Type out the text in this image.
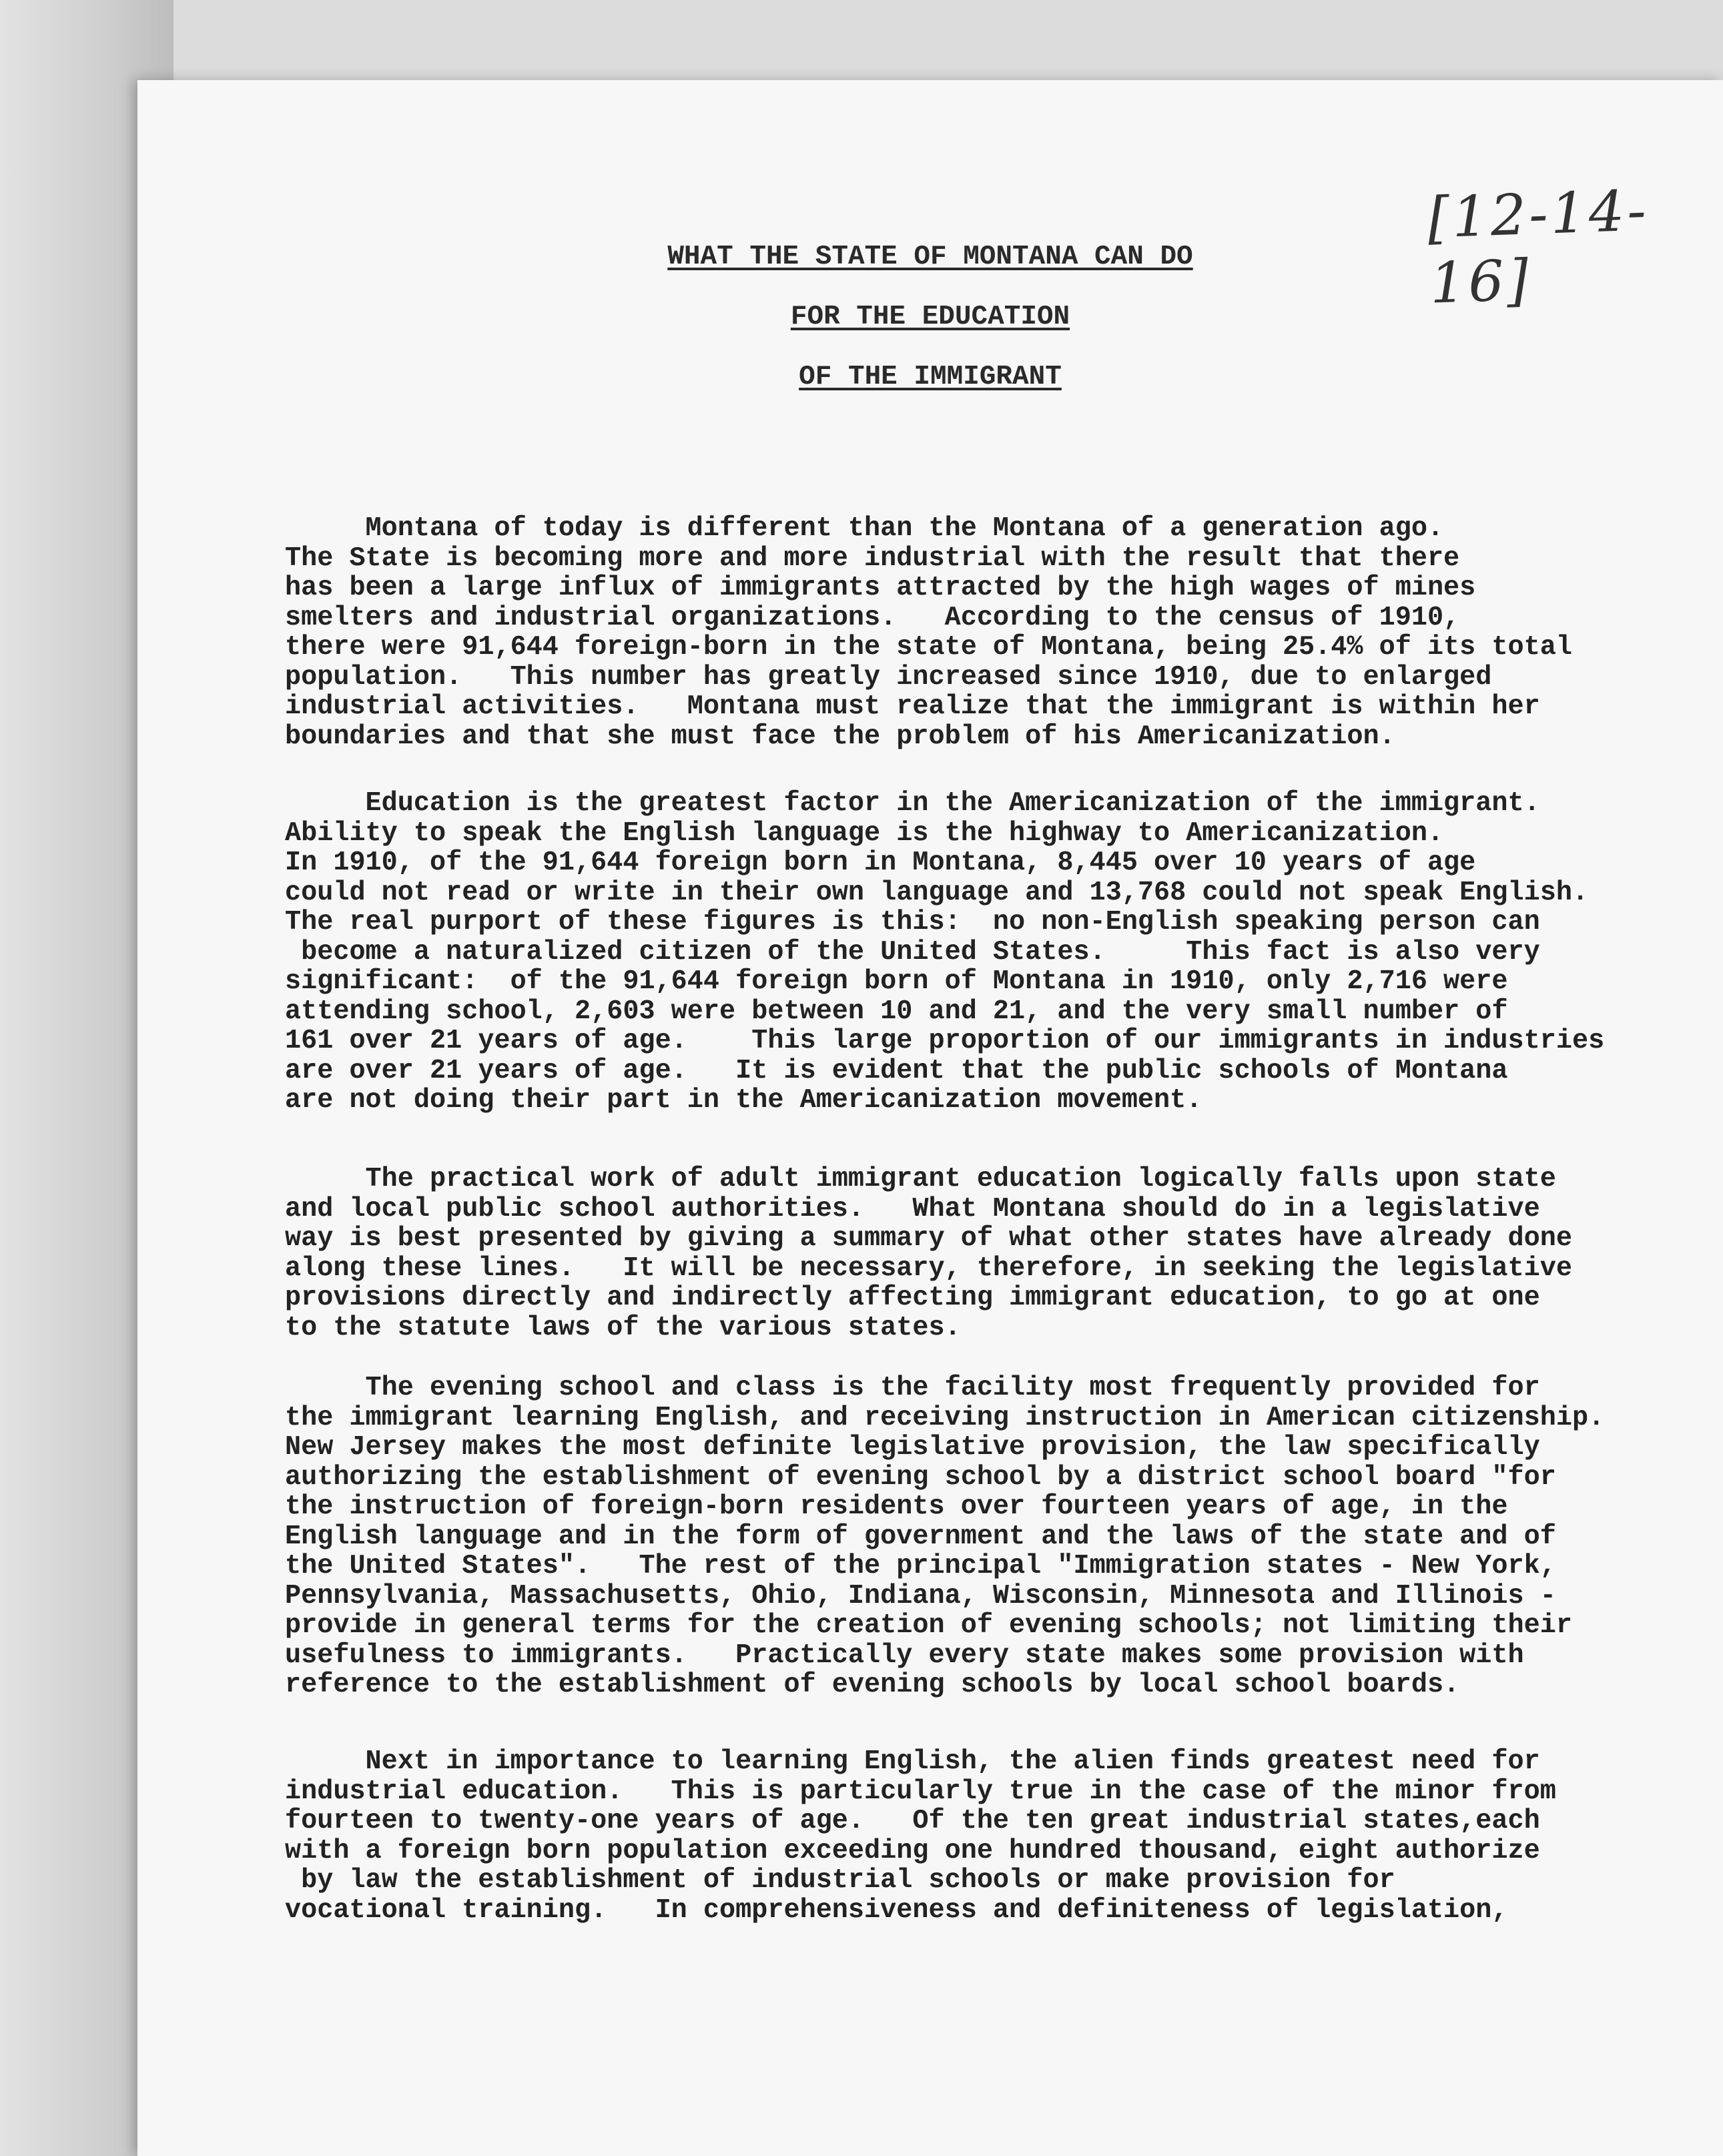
[12-14-16]
WHAT THE STATE OF MONTANA CAN DO
FOR THE EDUCATION
OF THE IMMIGRANT
Montana of today is different than the Montana of a generation ago.
The State is becoming more and more industrial with the result that there
has been a large influx of immigrants attracted by the high wages of mines
smelters and industrial organizations.   According to the census of 1910,
there were 91,644 foreign-born in the state of Montana, being 25.4% of its total
population.   This number has greatly increased since 1910, due to enlarged
industrial activities.   Montana must realize that the immigrant is within her
boundaries and that she must face the problem of his Americanization.
Education is the greatest factor in the Americanization of the immigrant.
Ability to speak the English language is the highway to Americanization.
In 1910, of the 91,644 foreign born in Montana, 8,445 over 10 years of age
could not read or write in their own language and 13,768 could not speak English.
The real purport of these figures is this:  no non-English speaking person can
become a naturalized citizen of the United States.     This fact is also very
significant:  of the 91,644 foreign born of Montana in 1910, only 2,716 were
attending school, 2,603 were between 10 and 21, and the very small number of
161 over 21 years of age.    This large proportion of our immigrants in industries
are over 21 years of age.   It is evident that the public schools of Montana
are not doing their part in the Americanization movement.
The practical work of adult immigrant education logically falls upon state
and local public school authorities.   What Montana should do in a legislative
way is best presented by giving a summary of what other states have already done
along these lines.   It will be necessary, therefore, in seeking the legislative
provisions directly and indirectly affecting immigrant education, to go at one
to the statute laws of the various states.
The evening school and class is the facility most frequently provided for
the immigrant learning English, and receiving instruction in American citizenship.
New Jersey makes the most definite legislative provision, the law specifically
authorizing the establishment of evening school by a district school board "for
the instruction of foreign-born residents over fourteen years of age, in the
English language and in the form of government and the laws of the state and of
the United States".   The rest of the principal "Immigration states - New York,
Pennsylvania, Massachusetts, Ohio, Indiana, Wisconsin, Minnesota and Illinois -
provide in general terms for the creation of evening schools; not limiting their
usefulness to immigrants.   Practically every state makes some provision with
reference to the establishment of evening schools by local school boards.
Next in importance to learning English, the alien finds greatest need for
industrial education.   This is particularly true in the case of the minor from
fourteen to twenty-one years of age.   Of the ten great industrial states,each
with a foreign born population exceeding one hundred thousand, eight authorize
by law the establishment of industrial schools or make provision for
vocational training.   In comprehensiveness and definiteness of legislation,
